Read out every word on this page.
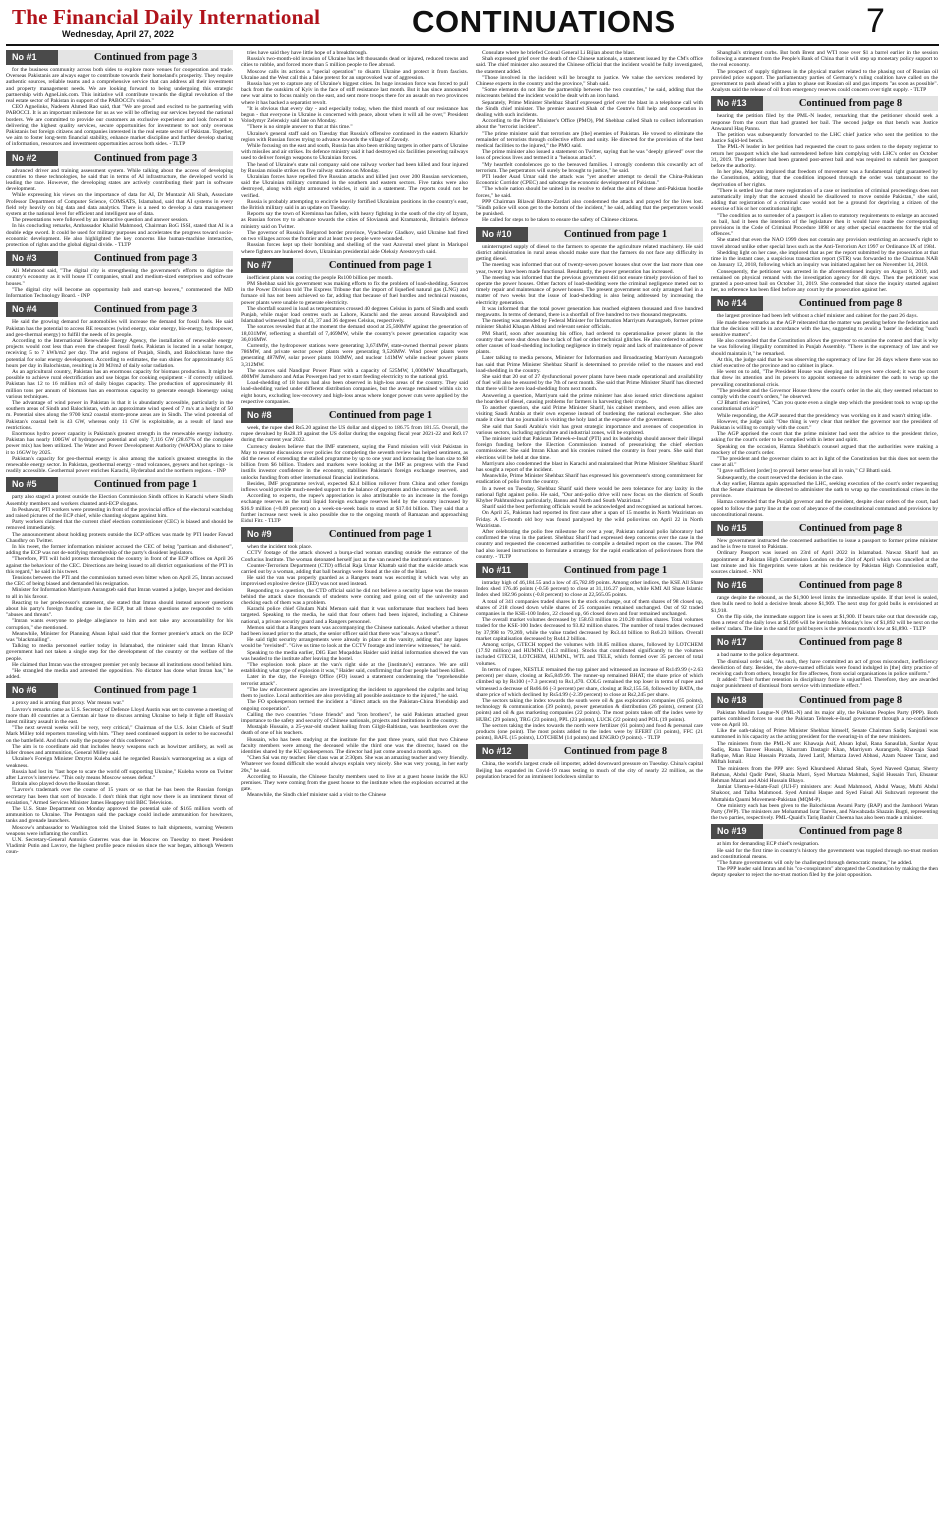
The Financial Daily International
Wednesday, April 27, 2022	CONTINUATIONS	7
No #1	Continued from page 3

for the business community across both sides to explore more venues for cooperation and trade. Overseas Pakistanis are always eager to contribute towards their homeland's prosperity. They require authentic sources, reliable teams and a comprehensive service that can address all their investment and property management needs. We are looking forward to being undergoing this strategic partnership with AgneLink.com. This initiative will contribute towards the digital revolution of the real estate sector of Pakistan in support of the PABOCCI's vision."

CEO Agnelinks, Nadeem Ahmed Rao said, that "We are proud and excited to be partnering with PABOCCI. It is an important milestone for us as we will be offering our services beyond the national borders. We are committed to provide our customers an exclusive experience and look forward to delivering the highest quality services, secure opportunities for investment to not only overseas Pakistanis but foreign citizens and companies interested in the real estate sector of Pakistan. Together, we aim to foster long-term financial stability, enhance market discipline and further develop sharing of information, resources and investment opportunities across both sides. - TLTP

No #2	Continued from page 3

advanced driver and training assessment system. While talking about the access of developing countries to these technologies, he said that in terms of AI infrastructure, the developed world is leading the race. However, the developing states are actively contributing their part in software development.

While expressing his views on the importance of data for AI, Dr Muntazir Ali Shah, Associate Professor Department of Computer Science, COMSATS, Islamabad, said that AI systems in every field rely heavily on big data and data analytics. There is a need to develop a data management system at the national level for efficient and intelligent use of data.

The presentations were followed by an interactive question and answer session.

In his concluding remarks, Ambassador Khalid Mahmood, Chairman BoG ISSI, stated that AI is a double edge sword. It could be used for military purposes and accelerates the progress toward socio-economic development. He also highlighted the key concerns like human-machine interaction, protection of rights and the global digital divide. - TLTP

No #3	Continued from page 3

Ali Mehmood said, "The digital city is strengthening the government's efforts to digitize the country's economy as it will house IT companies, small and medium-sized enterprises and software houses."

"The digital city will become an opportunity hub and start-up heaven," commented the MD Information Technology Board. - INP

No #4	Continued from page 3

He said the growing demand for automobiles will increase the demand for fossil fuels. He said Pakistan has the potential to access RE resources (wind energy, solar energy, bio-energy, hydropower, and geo-thermal energy) to fulfill the needs of its people.

According to the International Renewable Energy Agency, the installation of renewable energy projects would cost less than even the cheapest fossil fuels. Pakistan is located in a solar hotspot, receiving 5 to 7 kWh/m2 per day. The arid regions of Punjab, Sindh, and Balochistan have the potential for solar energy development. According to estimates, the sun shines for approximately 8.5 hours per day in Balochistan, resulting in 20 MJ/m2 of daily solar radiation.

As an agricultural country, Pakistan has an enormous capacity for biomass production. It might be possible to achieve rural electrification and use biogas for cooking equipment - if correctly utilized. Pakistan has 12 to 16 million m3 of daily biogas capacity. The production of approximately 81 million tons per annum of biomass has an enormous capacity to generate enough bioenergy using various techniques.

The advantage of wind power in Pakistan is that it is abundantly accessible, particularly in the southern areas of Sindh and Balochistan, with an approximate wind speed of 7 m/s at a height of 50 m. Potential sites along the 9700 km2 coastal storm-prone areas are in Sindh. The wind potential of Pakistan's coastal belt is 43 GW, whereas only 11 GW is exploitable, as a result of land use restrictions.

Enormous hydro power capacity is Pakistan's greatest strength in the renewable energy industry. Pakistan has nearly 100GW of hydropower potential and only 7,116 GW (28.67% of the complete power mix) has been utilized. The Water and Power Development Authority (WAPDA) plans to raise it to 16GW by 2025.

Pakistan's capacity for geo-thermal energy is also among the nation's greatest strengths in the renewable energy sector. In Pakistan, geothermal energy - mud volcanoes, geysers and hot springs - is readily accessible. Geothermal power enriches Karachi, Hyderabad and the northern regions. - INP

No #5	Continued from page 1

party also staged a protest outside the Election Commission Sindh offices in Karachi where Sindh Assembly members and workers chanted anti-ECP slogans.

In Peshawar, PTI workers were protesting in front of the provincial office of the electoral watchdog and raised pictures of the ECP chief, while chanting slogans against him.

Party workers claimed that the current chief election commissioner (CEC) is biased and should be removed immediately.

The announcement about holding protests outside the ECP offices was made by PTI leader Fawad Chaudhry on Twitter.

In his tweet, the former information minister accused the CEC of being "partisan and dishonest", adding the ECP was not de-notifying membership of the party's dissident legislators.

"Therefore, PTI will hold protests throughout the country in front of the ECP offices on April 26 against the behaviour of the CEC. Directions are being issued to all district organisations of the PTI in this regard," he said in his tweet.

Tensions between the PTI and the commission turned even bitter when on April 25, Imran accused the CEC of being biased and demanded his resignation.

Minister for Information Marriyum Aurangzeb said that Imran wanted a judge, lawyer and decision to all in his favour.

Reacting to her predecessor's statement, she stated that Imran should instead answer questions about his party's foreign funding case in the ECP, but all those questions are responded to with "abuses and threats".

"Imran wants everyone to pledge allegiance to him and not take any accountability for his corruption," she mentioned.

Meanwhile, Minister for Planning Ahsan Iqbal said that the former premier's attack on the ECP was "blackmailing".

Talking to media personnel earlier today in Islamabad, the minister said that Imran Khan's government had not taken a single step for the development of the country or the welfare of the people.

He claimed that Imran was the strongest premier yet only because all institutions stood behind him.

"He strangled the media and arrested the opposition. No dictator has done what Imran has," he added.

No #6	Continued from page 1

a proxy and is arming that proxy. War means war."

Lavrov's remarks came as U.S. Secretary of Defence Lloyd Austin was set to convene a meeting of more than 40 countries at a German air base to discuss arming Ukraine to help it fight off Russia's latest military assault in the east.

"The next several weeks will be very, very critical," Chairman of the U.S. Joint Chiefs of Staff Mark Milley told reporters traveling with him. "They need continued support in order to be successful on the battlefield. And that's really the purpose of this conference."

The aim is to coordinate aid that includes heavy weapons such as howitzer artillery, as well as killer drones and ammunition, General Milley said.

Ukraine's Foreign Minister Dmytro Kuleba said he regarded Russia's warmongering as a sign of weakness.

Russia had lost its "last hope to scare the world off supporting Ukraine," Kuleba wrote on Twitter after Lavrov's interview. "This only means Moscow senses defeat."

Britain also played down the Russian threat.

"Lavrov's trademark over the course of 15 years or so that he has been the Russian foreign secretary has been that sort of bravado. I don't think that right now there is an imminent threat of escalation," Armed Services Minister James Heappey told BBC Television.

The U.S. State Department on Monday approved the potential sale of $165 million worth of ammunition to Ukraine. The Pentagon said the package could include ammunition for howitzers, tanks and grenade launchers.

Moscow's ambassador to Washington told the United States to halt shipments, warning Western weapons were inflaming the conflict.

U.N. Secretary-General Antonio Guterres was due in Moscow on Tuesday to meet President Vladimir Putin and Lavrov, the highest profile peace mission since the war began, although Western coun-

tries have said they have little hope of a breakthrough.

Russia's two-month-old invasion of Ukraine has left thousands dead or injured, reduced towns and cities to rubble, and forced more than 5 million people to flee abroad.

Moscow calls its actions a "special operation" to disarm Ukraine and protect it from fascists. Ukraine and the West call this a false pretext for an unprovoked war of aggression.

Russia has yet to capture any of Ukraine's biggest cities. Its huge invasion force was forced to pull back from the outskirts of Kyiv in the face of stiff resistance last month. But it has since announced new war aims to focus mainly on the east, and sent more troops there for an assault on two provinces where it has backed a separatist revolt.

"It is obvious that every day - and especially today, when the third month of our resistance has begun - that everyone in Ukraine is concerned with peace, about when it will all be over," President Volodymyr Zelenskiy said late on Monday.

"There is no simple answer to that at this time."

Ukraine's general staff said on Tuesday that Russia's offensive continued in the eastern Kharkiv region with Russian forces trying to advance towards the village of Zavody.

While focusing on the east and south, Russia has also been striking targets in other parts of Ukraine with missiles and air strikes. Its defence ministry said it had destroyed six facilities powering railways used to deliver foreign weapons to Ukrainian forces.

The head of Ukraine's state rail company said one railway worker had been killed and four injured by Russian missile strikes on five railway stations on Monday.

Ukrainian forces have repelled five Russian attacks and killed just over 200 Russian servicemen, said the Ukrainian military command in the southern and eastern sectors. Five tanks were also destroyed, along with eight armoured vehicles, it said in a statement. The reports could not be verified.

Russia is probably attempting to encircle heavily fortified Ukrainian positions in the country's east, the British military said in an update on Tuesday.

Reports say the town of Kreminna has fallen, with heavy fighting in the south of the city of Izyum, as Russian forces try to advance towards the cities of Sloviansk and Kramatorsk, Britain's defence ministry said on Twitter.

The governor of Russia's Belgorod border province, Vyacheslav Gladkov, said Ukraine had fired on two villages across the frontier and at least two people were wounded.

Russian forces kept up their bombing and shelling of the vast Azovstal steel plant in Mariupol where fighters are hunkered down, Ukrainian presidential aide Oleksiy Arestovych said.

No #7	Continued from page 1

inefficient plants was costing the people Rs100 billion per month.

PM Shehbaz said his government was making efforts to fix the problem of load-shedding. Sources in the Power Division told The Express Tribune that the import of liquefied natural gas (LNG) and furnace oil has not been achieved so far, adding that because of fuel hurdles and technical reasons, power plants were unable to generate electricity.

The shortfall soared in load as temperatures crossed 40 degrees Celsius in parts of Sindh and south Punjab, while major load centres such as Lahore, Karachi and the areas around Rawalpindi and Islamabad witnessed highs of 43, 37 and 36 degrees Celsius, respectively.

The sources revealed that at the moment the demand stood at 25,500MW against the generation of 18,031MW, reflecting a shortfall of 7,469MW, while the country's power generation capacity was 36,016MW.

Currently, the hydropower stations were generating 3,674MW, state-owned thermal power plants 786MW, and private sector power plants were generating 9,526MW. Wind power plants were generating 487MW, solar power plants 104MW, and nuclear 141MW while nuclear power plants 3,312MW.

The sources said Nandipur Power Plant with a capacity of 525MW, 1,000MW Muzaffargarh, 400MW Jamshoro and Atlas Powergen had yet to start feeding electricity to the national grid.

Load-shedding of 18 hours had also been observed in high-loss areas of the country. They said load-shedding varied under different distribution companies, but the average remained within six to eight hours, excluding low-recovery and high-loss areas where longer power cuts were applied by the respective companies.

No #8	Continued from page 1

week, the rupee shed Rs5.20 against the US dollar and slipped to 186.75 from 181.55. Overall, the rupee devalued by Rs28.19 against the US dollar during the ongoing fiscal year 2021-22 and Rs9.17 during the current year 2022.

Currency dealers believe that the IMF statement, saying the Fund mission will visit Pakistan in May to resume discussions over policies for completing the seventh review has helped sentiment, as did the news of extending the stalled programme by up to one year and increasing the loan size to $8 billion from $6 billion. Traders and markets were looking at the IMF as progress with the Fund instills investor confidence in the economy, stabilises Pakistan's foreign exchange reserves, and unlocks funding from other international financial institutions.

Besides, IMF programme revival, expected $2.4 billion rollover from China and other foreign inflows would provide much-needed support to the balance of payments and the currency as well.

According to experts, the rupee's appreciation is also attributable to an increase in the foreign exchange reserves as the total liquid foreign exchange reserves held by the country increased by $16.9 million (+0.09 percent) on a week-on-week basis to stand at $17.04 billion. They said that a further increase next week is also possible due to the ongoing month of Ramazan and approaching Eidul Fitr. - TLTP

No #9	Continued from page 1

when the incident took place.

CCTV footage of the attack showed a burqa-clad woman standing outside the entrance of the Confucius Institute. The woman detonated herself just as the van neared the institute's entrance.

Counter-Terrorism Department (CTD) official Raja Umar Khattab said that the suicide attack was carried out by a woman, adding that ball bearings were found at the site of the blast.

He said the van was properly guarded as a Rangers team was escorting it which was why an improvised explosive device (IED) was not used instead.

Responding to a question, the CTD official said he did not believe a security lapse was the reason behind the attack since thousands of students were coming and going out of the university and checking each of them was a problem.

Karachi police chief Ghulam Nabi Memon said that it was unfortunate that teachers had been targeted. Speaking to the media, he said that four others had been injured, including a Chinese national, a private security guard and a Rangers personnel.

Memon said that a Rangers team was accompanying the Chinese nationals. Asked whether a threat had been issued prior to the attack, the senior officer said that there was "always a threat".

He said tight security arrangements were already in place at the varsity, adding that any lapses would be "revisited". "Give us time to look at the CCTV footage and interview witnesses," he said.

Speaking to the media earlier, DIG East Muqaddas Haider said initial information showed the van was headed to the institute after leaving the hostel.

"The explosion took place at the van's right side at the [institute's] entrance. We are still establishing what type of explosion it was," Haider said, confirming that four people had been killed.

Later in the day, the Foreign Office (FO) issued a statement condemning the "reprehensible terrorist attack".

"The law enforcement agencies are investigating the incident to apprehend the culprits and bring them to justice. Local authorities are also providing all possible assistance to the injured," he said.

The FO spokesperson termed the incident a "direct attack on the Pakistan-China friendship and ongoing cooperation".

Calling the two countries "close friends" and "iron brothers", he said Pakistan attached great importance to the safety and security of Chinese nationals, projects and institutions in the country.

Mustajab Hussain, a 25-year-old student hailing from Gilgit-Baltistan, was heartbroken over the death of one of his teachers.

Hussain, who has been studying at the institute for the past three years, said that two Chinese faculty members were among the deceased while the third one was the director, based on the identities shared by the KU spokesperson. The director had just come around a month ago.

"Chen Sai was my teacher. Her class was at 2:30pm. She was an amazing teacher and very friendly. Whatever we found difficult she would always explain very nicely. She was very young, in her early 20s," he said.

According to Hussain, the Chinese faculty members used to live at a guest house inside the KU premises. They were coming from the guest house to the institute when the explosion occurred at the gate.

Meanwhile, the Sindh chief minister said a visit to the Chinese

Consulate where he briefed Consul General Li Bijian about the blast.

Shah expressed grief over the death of the Chinese nationals, a statement issued by the CM's office said. The chief minister also assured the Chinese official that the incident would be fully investigated, the statement added.

"Those involved in the incident will be brought to justice. We value the services rendered by Chinese experts in the country and the province," Shah said.

"Some elements do not like the partnership between the two countries," he said, adding that the miscreants behind the incident would be dealt with an iron hand.

Separately, Prime Minister Shehbaz Sharif expressed grief over the blast in a telephone call with the Sindh chief minister. The premier assured Shah of the Centre's full help and cooperation in dealing with such incidents.

According to the Prime Minister's Office (PMO), PM Shehbaz called Shah to collect information about the "terrorist incident".

"The prime minister said that terrorists are [the] enemies of Pakistan. He vowed to eliminate the remainder of terrorists through collective efforts and unity. He directed for the provision of the best medical facilities to the injured," the PMO said.

The prime minister also issued a statement on Twitter, saying that he was "deeply grieved" over the loss of precious lives and termed it a "heinous attack".

"My heartfelt condolences go to the bereaved families. I strongly condemn this cowardly act of terrorism. The perpetrators will surely be brought to justice," he said.

PTI leader Asad Umar said the attack was "yet another attempt to derail the China-Pakistan Economic Corridor (CPEC) and sabotage the economic development of Pakistan."

"The whole nation should be united in its resolve to defeat the aims of these anti-Pakistan hostile forces," he said.

PPP Chairman Bilawal Bhutto-Zardari also condemned the attack and prayed for the lives lost. "Sindh police will soon get to the bottom of the incident," he said, adding that the perpetrators would be punished.

He called for steps to be taken to ensure the safety of Chinese citizens.

No #10	Continued from page 1

uninterrupted supply of diesel to the farmers to operate the agriculture related machinery. He said district administration in rural areas should make sure that the farmers do not face any difficulty in getting diesel.

The meeting was informed that out of twenty-seven power houses shut over the last more than one year, twenty have been made functional. Resultantly, the power generation has increased.

The meeting was informed that the previous government did not ensure timely provision of fuel to operate the power houses. Other factors of load-shedding were the criminal negligence meted out to timely repair and maintenance of power houses. The present government not only arranged fuel in a matter of two weeks but the issue of load-shedding is also being addressed by increasing the electricity generation.

It was informed that the total power generation has reached eighteen thousand and five hundred megawatts. In terms of demand, there is a shortfall of five hundred to two thousand megawatts.

The meeting was attended by Federal Minister for Information Marriyum Aurangzeb, former prime minister Shahid Khaqan Abbasi and relevant senior officials.

PM Sharif, soon after assuming his office, had ordered to operationalise power plants in the country that were shut down due to lack of fuel or other technical glitches. He also ordered to address other causes of load-shedding including negligence in timely repair and lack of maintenance of power plants.

Later talking to media persons, Minister for Information and Broadcasting Marriyum Aurangzeb has said that Prime Minister Shehbaz Sharif is determined to provide relief to the masses and end load-shedding in the country.

She said that 20 out of 27 dysfunctional power plants have been made operational and availability of fuel will also be ensured by the 7th of next month. She said that Prime Minister Sharif has directed that there will be zero load-shedding from next month.

Answering a question, Marriyum said the prime minister has also issued strict directions against the hoarders of diesel, causing problems for farmers in harvesting their crops.

To another question, she said Prime Minister Sharif, his cabinet members, and even allies are visiting Saudi Arabia at their own expense instead of burdening the national exchequer. She also made it clear that no journalist is visiting the holy land at the expense of the government.

She said that Saudi Arabia's visit has great strategic importance and avenues of cooperation in various sectors, including agriculture and industrial zones, will be explored.

The minister said that Pakistan Tehreek-e-Insaf (PTI) and its leadership should answer their illegal foreign funding before the Election Commission instead of pressurising the chief election commissioner. She said Imran Khan and his cronies ruined the country in four years. She said that elections will be held at due time.

Marriyum also condemned the blast in Karachi and maintained that Prime Minister Shehbaz Sharif has sought a report of the incident.

Meanwhile, Prime Minister Shehbaz Sharif has expressed his government's strong commitment for eradication of polio from the country.

In a tweet on Tuesday, Shehbaz Sharif said there would be zero tolerance for any laxity in the national fight against polio. He said, "Our anti-polio drive will now focus on the districts of South Khyber Pakhtunkhwa particularly, Bannu and North and South Waziristan."

Sharif said the best performing officials would be acknowledged and recognised as national heroes.

On April 25, Pakistan had reported its first case after a span of 15 months in North Waziristan on Friday. A 15-month old boy was found paralysed by the wild poliovirus on April 22 in North Waziristan.

After celebrating the polio free milestone for over a year, Pakistan national polio laboratory had confirmed the virus in the patient. Shehbaz Sharif had expressed deep concerns over the case in the country and requested the concerned authorities to compile a detailed report on the causes. The PM had also issued instructions to formulate a strategy for the rapid eradication of polioviruses from the country. - TLTP

No #11	Continued from page 1

intraday high of 46,184.55 and a low of 45,782.89 points. Among other indices, the KSE All Share Index shed 176.46 points (-0.56 percent) to close at 31,116.27 points, while KMI All Share Islamic Index shed 182.96 points (-0.8 percent) to close at 22,565.05 points.

A total of 341 companies traded shares in the stock exchange, out of them shares of 98 closed up, shares of 218 closed down while shares of 25 companies remained unchanged. Out of 92 traded companies in the KSE-100 Index, 22 closed up, 66 closed down and four remained unchanged.

The overall market volumes decreased by 158.63 million to 210.20 million shares. Total volumes traded for the KSE-100 Index decreased to 93.82 million shares. The number of total trades decreased by 37,998 to 79,269, while the value traded decreased by Rs3.44 billion to Rs6.23 billion. Overall market capitalisation decreased by Rs44.2 billion.

Among scrips, GTECH topped the volumes with 18.85 million shares, followed by LOTCHEM (17.92 million) and HUMNL (14.3 million). Stocks that contributed significantly to the volumes included GTECH, LOTCHEM, HUMNL, WTL and TELE, which formed over 35 percent of total volumes.

In terms of rupee, NESTLE remained the top gainer and witnessed an increase of Rs149.99 (+2.63 percent) per share, closing at Rs5,849.99. The runner-up remained BHAT, the share price of which climbed up by Rs100 (+7.3 percent) to Rs1,470. COLG remained the top loser in terms of rupee and witnessed a decrease of Rs66.66 (-3 percent) per share, closing at Rs2,155.56, followed by BATA, the share price of which declined by Rs54.99 (-2.39 percent) to close at Rs2,245 per share.

The sectors taking the index towards the south were oil & gas exploration companies (65 points), technology & communication (39 points), power generation & distribution (26 points), cement (33 points) and oil & gas marketing companies (22 points). The most points taken off the index were by HUBC (29 points), TRG (23 points), PPL (23 points), LUCK (22 points) and POL (19 points).

The sectors taking the index towards the north were fertilizer (61 points) and food & personal care products (one point). The most points added to the index were by EFERT (31 points), FFC (21 points), BAFL (15 points), LOTCHEM (14 points) and ENGRO (9 points). - TLTP

No #12	Continued from page 8

China, the world's largest crude oil importer, added downward pressure on Tuesday. China's capital Beijing has expanded its Covid-19 mass testing to much of the city of nearly 22 million, as the population braced for an imminent lockdown similar to

Shanghai's stringent curbs. But both Brent and WTI rose over $1 a barrel earlier in the session following a statement from the People's Bank of China that it will step up monetary policy support to the real economy.

The prospect of supply tightness in the physical market related to the phasing out of Russian oil provided price support. The parliamentary parties of Germany's ruling coalition have called on the government to push ahead with a plan to phase out Russian oil and gas imports "as soon as possible". Analysts said the release of oil from emergency reserves could concern over tight supply. - TLTP

No #13	Continued from page 8

hearing the petition filed by the PML-N leader, remarking that the petitioner should seek a response from the court that had granted her bail. The second judge on that bench was Justice Anwaarul Haq Pannu.

The petition was subsequently forwarded to the LHC chief justice who sent the petition to the Justice Sajid-led bench.

The PML-N leader in her petition had requested the court to pass orders to the deputy registrar to return her passport which she had surrendered before him complying with LHC's order on October 31, 2019. The petitioner had been granted post-arrest bail and was required to submit her passport before the authority.

In her plea, Maryam implored that freedom of movement was a fundamental right guaranteed by the Constitution, adding, that the condition imposed through the order was tantamount to the deprivation of her rights.

"There is settled law that mere registration of a case or institution of criminal proceedings does not automatically imply that the accused should be disallowed to move outside Pakistan," she said, adding that registration of a criminal case would not be a ground for depriving a citizen of the exercise of his or her constitutional right.

"The condition as to surrender of a passport is alien to statutory requirements to enlarge an accused on bail, had it been the intention of the legislature then it would have made the corresponding provisions in the Code of Criminal Procedure 1898 or any other special enactments for the trial of offences."

She stated that even the NAO 1999 does not contain any provision restricting an accused's right to travel abroad unlike other special laws such as the Anti-Terrorism Act 1997 or Ordinance IX of 1984.

Shedding light on her case, she implored that as per the report submitted by the prosecution at that time in the instant case, a suspicious transaction report (STR) was forwarded to the Chairman NAB on January 12, 2018, following which an inquiry was initiated against her on November 14, 2018.

Consequently, the petitioner was arrested in the aforementioned inquiry on August 8, 2019, and remained on physical remand with the investigation agency for 48 days. Then the petitioner was granted a post-arrest bail on October 31, 2019. She contended that since the inquiry started against her, no reference has been filed before any court by the prosecution against her.

No #14	Continued from page 8

the largest province had been left without a chief minister and cabinet for the past 26 days.

He made these remarks as the AGP reiterated that the matter was pending before the federation and that the decision will be in accordance with the law, suggesting to avoid a 'haste' in deciding "such sensitive matters".

He also contended that the Constitution allows the governor to examine the contest and that is why he was following illegality committed in Punjab Assembly. "There is the supremacy of law and we should maintain it," he remarked.

At this, the judge said that he was observing the supremacy of law for 26 days where there was no chief executive of the province and no cabinet in place.

He went on to add, "The President House was sleeping and its eyes were closed; it was the court that drew its attention and its powers to appoint someone to administer the oath to wrap up the prevailing constitutional crisis.

"The president and the Governor House threw the court's order in the air, they seemed reluctant to comply with the court's orders," he observed.

CJ Bhatti then inquired, "Can you quote even a single step which the president took to wrap up the constitutional crisis?"

While responding, the AGP assured that the presidency was working on it and wasn't sitting idle.

However, the judge said: "One thing is very clear that neither the governor nor the president of Pakistan is willing to comply with the court."

The AGP apprised the court that the prime minister had sent the advice to the president thrice, asking for the court's order to be complied with in letter and spirit.

Speaking on the occasion, Hamza Shehbaz's counsel argued that the authorities were making a mockery of the court's order.

"The president and the governor claim to act in light of the Constitution but this does not seem the case at all."

"I gave sufficient [order] to prevail better sense but all in vain," CJ Bhatti said.

Subsequently, the court reserved the decision in the case.

A day earlier, Hamza again approached the LHC, seeking execution of the court's order requesting that the Senate chairman be directed to administer the oath to wrap up the constitutional crises in the province.

Hamza contended that the Punjab governor and the president, despite clear orders of the court, had opted to follow the party line at the cost of abeyance of the constitutional command and provisions by unconstitutional means.

No #15	Continued from page 8

New government instructed the concerned authorities to issue a passport to former prime minister and he is free to travel to Pakistan.

Ordinary Passport was issued on 23rd of April 2022 in Islamabad. Nawaz Sharif had an appointment at Pakistan High Commission London on the 23rd of April which was cancelled at the last minute and his fingerprints were taken at his residence by Pakistan High Commission staff, sources claimed. - NNI

No #16	Continued from page 8

range despite the rebound, as the $1,900 level limits the immediate upside. If that level is sealed, then bulls need to hold a decisive break above $1,909. The next stop for gold bulls is envisioned at $1,918.

On the flip side, the immediate support line is seen at $1,900. If bears take out that downside cap, then a retest of the daily lows at $1,896 will be inevitable. Monday's low of $1,892 will be next on the sellers' radars. The line in the sand for gold buyers is the previous month's low at $1,890. - TLTP

No #17	Continued from page 8

a bad name to the police department.

The dismissal order said, "As such, they have committed an act of gross misconduct, inefficiency dereliction of duty. Besides, the above-named officials were found indulged in [the] dirty practice of receiving cash from others, brought for fire affectees, from social organisations in police uniform."

It added: "Their further retention in disciplinary force is unjustified. Therefore, they are awarded major punishment of dismissal from service with immediate effect."

No #18	Continued from page 8

Pakistan Muslim League-N (PML-N) and its major ally, the Pakistan Peoples Party (PPP). Both parties combined forces to oust the Pakistan Tehreek-e-Insaf government through a no-confidence vote on April 10.

Like the oath-taking of Prime Minister Shehbaz himself, Senate Chairman Sadiq Sanjrani was summoned in his capacity as the acting president for the swearing-in of the new ministers.

The ministers from the PML-N are: Khawaja Asif, Ahsan Iqbal, Rana Sanaullah, Sardar Ayaz Sadiq, Rana Tanveer Hussain, Khurram Dastagir Khan, Marriyum Aurangzeb, Khawaja Saad Rafique, Mian Riaz Hussain Pirzada, Javed Latif, Murtaza Javed Abbasi, Azam Nazeer Tarar, and Miftah Ismail.

The ministers from the PPP are: Syed Khursheed Ahmad Shah, Syed Naveed Qamar, Sherry Rehman, Abdul Qadir Patel, Shazia Marri, Syed Murtaza Mahmud, Sajid Hussain Turi, Ehsanur Rehman Mazari and Abid Hussain Bhayo.

Jamiat Ulema-e-Islam-Fazl (JUI-F) ministers are: Asad Mahmood, Abdul Wasay, Mufti Abdul Shakoor, and Talha Mahmood. Syed Aminul Haque and Syed Faisal Ali Subzwari represent the Muttahida Qaumi Movement-Pakistan (MQM-P).

One ministry each has been given to the Balochistan Awami Party (BAP) and the Jamhoori Watan Party (JWP). The ministers are Mohammad Israr Tareen, and Nawabzada Shazain Bugti, representing the two parties, respectively. PML-Quaid's Tariq Bashir Cheema has also been made a minister.

No #19	Continued from page 8

at him for demanding ECP chief's resignation.

He said for the first time in country's history the government was toppled through no-trust motion and constitutional means.

"The future governments will only be challenged through democratic means," he added.

The PPP leader said Imran and his "co-conspirators" abrogated the Constitution by making the then deputy speaker to reject the no-trust motion filed by the joint opposition.
